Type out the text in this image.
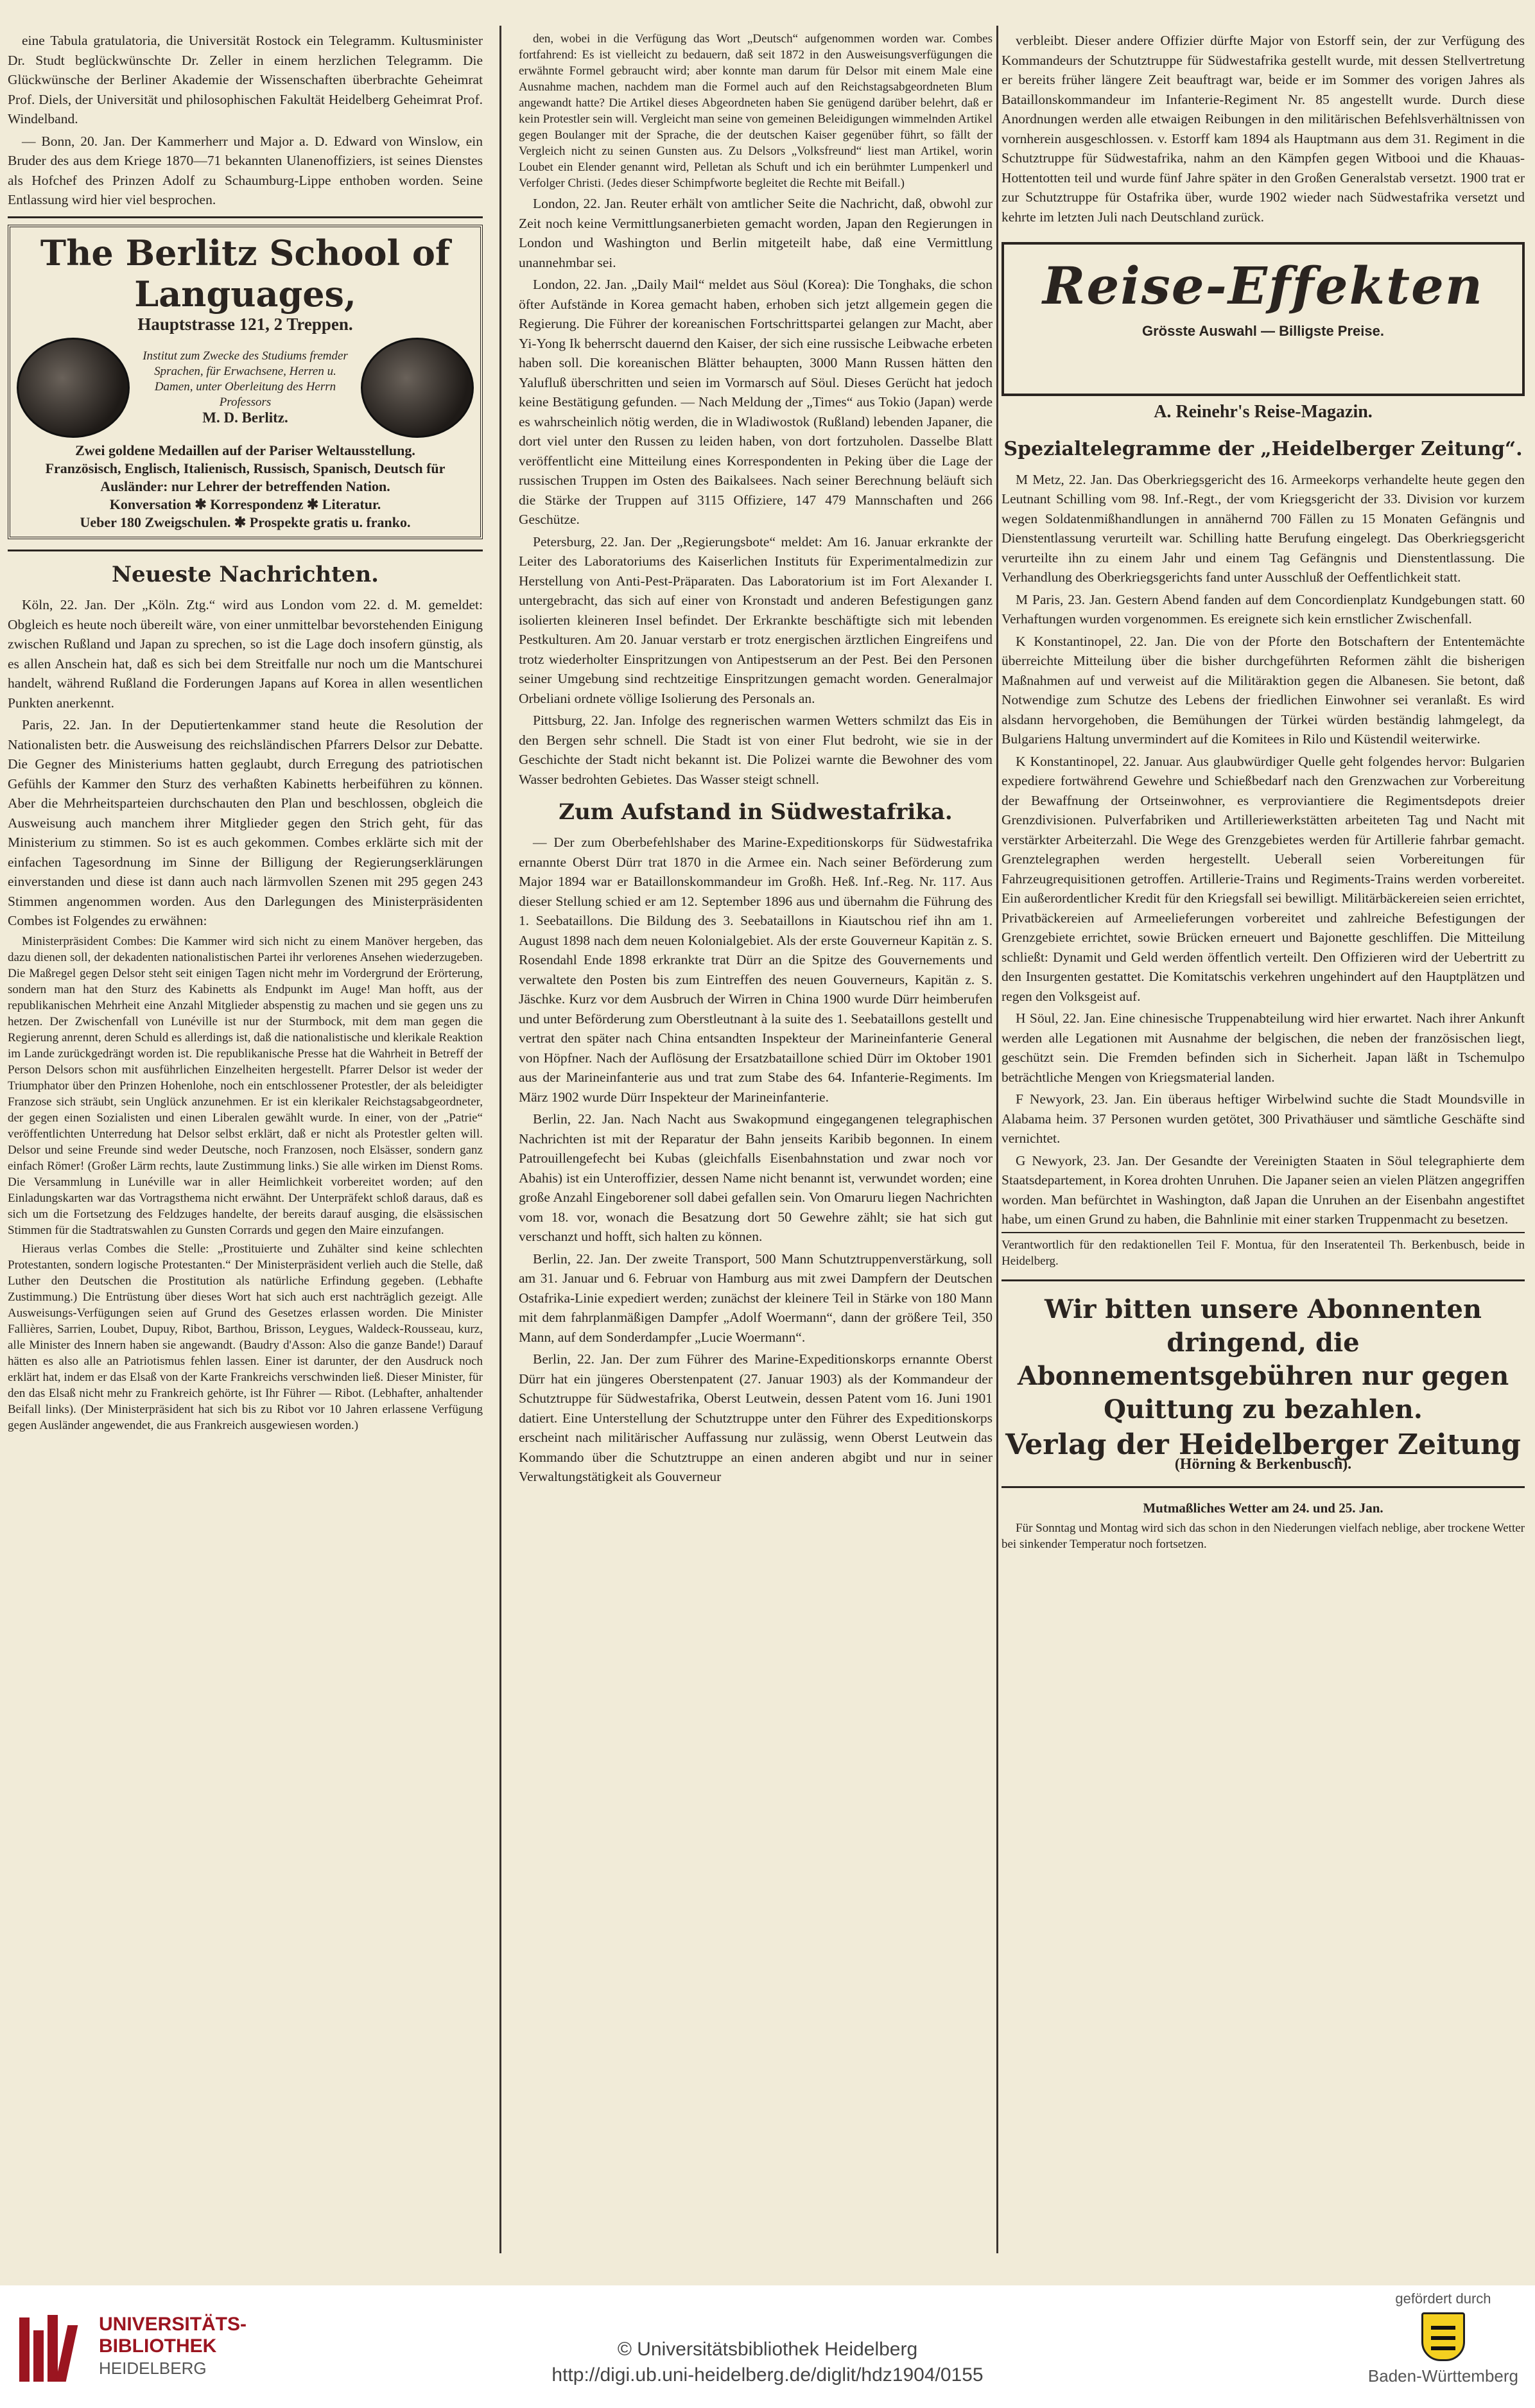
eine Tabula gratulatoria, die Universität Rostock ein Telegramm. Kultusminister Dr. Studt beglückwünschte Dr. Zeller in einem herzlichen Telegramm. Die Glückwünsche der Berliner Akademie der Wissenschaften überbrachte Geheimrat Prof. Diels, der Universität und philosophischen Fakultät Heidelberg Geheimrat Prof. Windelband.

— Bonn, 20. Jan. Der Kammerherr und Major a. D. Edward von Winslow, ein Bruder des aus dem Kriege 1870—71 bekannten Ulanenoffiziers, ist seines Dienstes als Hofchef des Prinzen Adolf zu Schaumburg-Lippe enthoben worden. Seine Entlassung wird hier viel besprochen.

The Berlitz School of Languages,
Hauptstrasse 121, 2 Treppen.
Institut zum Zwecke des Studiums fremder Sprachen, für Erwachsene, Herren u. Damen, unter Oberleitung des Herrn Professors
M. D. Berlitz.
Zwei goldene Medaillen auf der Pariser Weltausstellung.
Französisch, Englisch, Italienisch, Russisch, Spanisch, Deutsch für Ausländer: nur Lehrer der betreffenden Nation.
Konversation ✱ Korrespondenz ✱ Literatur.
Ueber 180 Zweigschulen. ✱ Prospekte gratis u. franko.
Neueste Nachrichten.

Köln, 22. Jan. Der „Köln. Ztg.“ wird aus London vom 22. d. M. gemeldet: Obgleich es heute noch übereilt wäre, von einer unmittelbar bevorstehenden Einigung zwischen Rußland und Japan zu sprechen, so ist die Lage doch insofern günstig, als es allen Anschein hat, daß es sich bei dem Streitfalle nur noch um die Mantschurei handelt, während Rußland die Forderungen Japans auf Korea in allen wesentlichen Punkten anerkennt.

Paris, 22. Jan. In der Deputiertenkammer stand heute die Resolution der Nationalisten betr. die Ausweisung des reichsländischen Pfarrers Delsor zur Debatte. Die Gegner des Ministeriums hatten geglaubt, durch Erregung des patriotischen Gefühls der Kammer den Sturz des verhaßten Kabinetts herbeiführen zu können. Aber die Mehrheitsparteien durchschauten den Plan und beschlossen, obgleich die Ausweisung auch manchem ihrer Mitglieder gegen den Strich geht, für das Ministerium zu stimmen. So ist es auch gekommen. Combes erklärte sich mit der einfachen Tagesordnung im Sinne der Billigung der Regierungserklärungen einverstanden und diese ist dann auch nach lärmvollen Szenen mit 295 gegen 243 Stimmen angenommen worden. Aus den Darlegungen des Ministerpräsidenten Combes ist Folgendes zu erwähnen:

Ministerpräsident Combes: Die Kammer wird sich nicht zu einem Manöver hergeben, das dazu dienen soll, der dekadenten nationalistischen Partei ihr verlorenes Ansehen wiederzugeben. Die Maßregel gegen Delsor steht seit einigen Tagen nicht mehr im Vordergrund der Erörterung, sondern man hat den Sturz des Kabinetts als Endpunkt im Auge! Man hofft, aus der republikanischen Mehrheit eine Anzahl Mitglieder abspenstig zu machen und sie gegen uns zu hetzen. Der Zwischenfall von Lunéville ist nur der Sturmbock, mit dem man gegen die Regierung anrennt, deren Schuld es allerdings ist, daß die nationalistische und klerikale Reaktion im Lande zurückgedrängt worden ist. Die republikanische Presse hat die Wahrheit in Betreff der Person Delsors schon mit ausführlichen Einzelheiten hergestellt. Pfarrer Delsor ist weder der Triumphator über den Prinzen Hohenlohe, noch ein entschlossener Protestler, der als beleidigter Franzose sich sträubt, sein Unglück anzunehmen. Er ist ein klerikaler Reichstagsabgeordneter, der gegen einen Sozialisten und einen Liberalen gewählt wurde. In einer, von der „Patrie“ veröffentlichten Unterredung hat Delsor selbst erklärt, daß er nicht als Protestler gelten will. Delsor und seine Freunde sind weder Deutsche, noch Franzosen, noch Elsässer, sondern ganz einfach Römer! (Großer Lärm rechts, laute Zustimmung links.) Sie alle wirken im Dienst Roms. Die Versammlung in Lunéville war in aller Heimlichkeit vorbereitet worden; auf den Einladungskarten war das Vortragsthema nicht erwähnt. Der Unterpräfekt schloß daraus, daß es sich um die Fortsetzung des Feldzuges handelte, der bereits darauf ausging, die elsässischen Stimmen für die Stadtratswahlen zu Gunsten Corrards und gegen den Maire einzufangen.

Hieraus verlas Combes die Stelle: „Prostituierte und Zuhälter sind keine schlechten Protestanten, sondern logische Protestanten.“ Der Ministerpräsident verlieh auch die Stelle, daß Luther den Deutschen die Prostitution als natürliche Erfindung gegeben. (Lebhafte Zustimmung.) Die Entrüstung über dieses Wort hat sich auch erst nachträglich gezeigt. Alle Ausweisungs-Verfügungen seien auf Grund des Gesetzes erlassen worden. Die Minister Fallières, Sarrien, Loubet, Dupuy, Ribot, Barthou, Brisson, Leygues, Waldeck-Rousseau, kurz, alle Minister des Innern haben sie angewandt. (Baudry d'Asson: Also die ganze Bande!) Darauf hätten es also alle an Patriotismus fehlen lassen. Einer ist darunter, der den Ausdruck noch erklärt hat, indem er das Elsaß von der Karte Frankreichs verschwinden ließ. Dieser Minister, für den das Elsaß nicht mehr zu Frankreich gehörte, ist Ihr Führer — Ribot. (Lebhafter, anhaltender Beifall links). (Der Ministerpräsident hat sich bis zu Ribot vor 10 Jahren erlassene Verfügung gegen Ausländer angewendet, die aus Frankreich ausgewiesen worden.)

den, wobei in die Verfügung das Wort „Deutsch“ aufgenommen worden war. Combes fortfahrend: Es ist vielleicht zu bedauern, daß seit 1872 in den Ausweisungsverfügungen die erwähnte Formel gebraucht wird; aber konnte man darum für Delsor mit einem Male eine Ausnahme machen, nachdem man die Formel auch auf den Reichstagsabgeordneten Blum angewandt hatte? Die Artikel dieses Abgeordneten haben Sie genügend darüber belehrt, daß er kein Protestler sein will. Vergleicht man seine von gemeinen Beleidigungen wimmelnden Artikel gegen Boulanger mit der Sprache, die der deutschen Kaiser gegenüber führt, so fällt der Vergleich nicht zu seinen Gunsten aus. Zu Delsors „Volksfreund“ liest man Artikel, worin Loubet ein Elender genannt wird, Pelletan als Schuft und ich ein berühmter Lumpenkerl und Verfolger Christi. (Jedes dieser Schimpfworte begleitet die Rechte mit Beifall.)

London, 22. Jan. Reuter erhält von amtlicher Seite die Nachricht, daß, obwohl zur Zeit noch keine Vermittlungsanerbieten gemacht worden, Japan den Regierungen in London und Washington und Berlin mitgeteilt habe, daß eine Vermittlung unannehmbar sei.

London, 22. Jan. „Daily Mail“ meldet aus Söul (Korea): Die Tonghaks, die schon öfter Aufstände in Korea gemacht haben, erhoben sich jetzt allgemein gegen die Regierung. Die Führer der koreanischen Fortschrittspartei gelangen zur Macht, aber Yi-Yong Ik beherrscht dauernd den Kaiser, der sich eine russische Leibwache erbeten haben soll. Die koreanischen Blätter behaupten, 3000 Mann Russen hätten den Yalufluß überschritten und seien im Vormarsch auf Söul. Dieses Gerücht hat jedoch keine Bestätigung gefunden. — Nach Meldung der „Times“ aus Tokio (Japan) werde es wahrscheinlich nötig werden, die in Wladiwostok (Rußland) lebenden Japaner, die dort viel unter den Russen zu leiden haben, von dort fortzuholen. Dasselbe Blatt veröffentlicht eine Mitteilung eines Korrespondenten in Peking über die Lage der russischen Truppen im Osten des Baikalsees. Nach seiner Berechnung beläuft sich die Stärke der Truppen auf 3115 Offiziere, 147 479 Mannschaften und 266 Geschütze.

Petersburg, 22. Jan. Der „Regierungsbote“ meldet: Am 16. Januar erkrankte der Leiter des Laboratoriums des Kaiserlichen Instituts für Experimentalmedizin zur Herstellung von Anti-Pest-Präparaten. Das Laboratorium ist im Fort Alexander I. untergebracht, das sich auf einer von Kronstadt und anderen Befestigungen ganz isolierten kleineren Insel befindet. Der Erkrankte beschäftigte sich mit lebenden Pestkulturen. Am 20. Januar verstarb er trotz energischen ärztlichen Eingreifens und trotz wiederholter Einspritzungen von Antipestserum an der Pest. Bei den Personen seiner Umgebung sind rechtzeitige Einspritzungen gemacht worden. Generalmajor Orbeliani ordnete völlige Isolierung des Personals an.

Pittsburg, 22. Jan. Infolge des regnerischen warmen Wetters schmilzt das Eis in den Bergen sehr schnell. Die Stadt ist von einer Flut bedroht, wie sie in der Geschichte der Stadt nicht bekannt ist. Die Polizei warnte die Bewohner des vom Wasser bedrohten Gebietes. Das Wasser steigt schnell.

Zum Aufstand in Südwestafrika.

— Der zum Oberbefehlshaber des Marine-Expeditionskorps für Südwestafrika ernannte Oberst Dürr trat 1870 in die Armee ein. Nach seiner Beförderung zum Major 1894 war er Bataillonskommandeur im Großh. Heß. Inf.-Reg. Nr. 117. Aus dieser Stellung schied er am 12. September 1896 aus und übernahm die Führung des 1. Seebataillons. Die Bildung des 3. Seebataillons in Kiautschou rief ihn am 1. August 1898 nach dem neuen Kolonialgebiet. Als der erste Gouverneur Kapitän z. S. Rosendahl Ende 1898 erkrankte trat Dürr an die Spitze des Gouvernements und verwaltete den Posten bis zum Eintreffen des neuen Gouverneurs, Kapitän z. S. Jäschke. Kurz vor dem Ausbruch der Wirren in China 1900 wurde Dürr heimberufen und unter Beförderung zum Oberstleutnant à la suite des 1. Seebataillons gestellt und vertrat den später nach China entsandten Inspekteur der Marineinfanterie General von Höpfner. Nach der Auflösung der Ersatzbataillone schied Dürr im Oktober 1901 aus der Marineinfanterie aus und trat zum Stabe des 64. Infanterie-Regiments. Im März 1902 wurde Dürr Inspekteur der Marineinfanterie.

Berlin, 22. Jan. Nach Nacht aus Swakopmund eingegangenen telegraphischen Nachrichten ist mit der Reparatur der Bahn jenseits Karibib begonnen. In einem Patrouillengefecht bei Kubas (gleichfalls Eisenbahnstation und zwar noch vor Abahis) ist ein Unteroffizier, dessen Name nicht benannt ist, verwundet worden; eine große Anzahl Eingeborener soll dabei gefallen sein. Von Omaruru liegen Nachrichten vom 18. vor, wonach die Besatzung dort 50 Gewehre zählt; sie hat sich gut verschanzt und hofft, sich halten zu können.

Berlin, 22. Jan. Der zweite Transport, 500 Mann Schutztruppenverstärkung, soll am 31. Januar und 6. Februar von Hamburg aus mit zwei Dampfern der Deutschen Ostafrika-Linie expediert werden; zunächst der kleinere Teil in Stärke von 180 Mann mit dem fahrplanmäßigen Dampfer „Adolf Woermann“, dann der größere Teil, 350 Mann, auf dem Sonderdampfer „Lucie Woermann“.

Berlin, 22. Jan. Der zum Führer des Marine-Expeditionskorps ernannte Oberst Dürr hat ein jüngeres Oberstenpatent (27. Januar 1903) als der Kommandeur der Schutztruppe für Südwestafrika, Oberst Leutwein, dessen Patent vom 16. Juni 1901 datiert. Eine Unterstellung der Schutztruppe unter den Führer des Expeditionskorps erscheint nach militärischer Auffassung nur zulässig, wenn Oberst Leutwein das Kommando über die Schutztruppe an einen anderen abgibt und nur in seiner Verwaltungstätigkeit als Gouverneur

verbleibt. Dieser andere Offizier dürfte Major von Estorff sein, der zur Verfügung des Kommandeurs der Schutztruppe für Südwestafrika gestellt wurde, mit dessen Stellvertretung er bereits früher längere Zeit beauftragt war, beide er im Sommer des vorigen Jahres als Bataillonskommandeur im Infanterie-Regiment Nr. 85 angestellt wurde. Durch diese Anordnungen werden alle etwaigen Reibungen in den militärischen Befehlsverhältnissen von vornherein ausgeschlossen. v. Estorff kam 1894 als Hauptmann aus dem 31. Regiment in die Schutztruppe für Südwestafrika, nahm an den Kämpfen gegen Witbooi und die Khauas-Hottentotten teil und wurde fünf Jahre später in den Großen Generalstab versetzt. 1900 trat er zur Schutztruppe für Ostafrika über, wurde 1902 wieder nach Südwestafrika versetzt und kehrte im letzten Juli nach Deutschland zurück.

Reise-Effekten
Grösste Auswahl — Billigste Preise.
A. Reinehr's Reise-Magazin.
Spezialtelegramme der „Heidelberger Zeitung“.

M Metz, 22. Jan. Das Oberkriegsgericht des 16. Armeekorps verhandelte heute gegen den Leutnant Schilling vom 98. Inf.-Regt., der vom Kriegsgericht der 33. Division vor kurzem wegen Soldatenmißhandlungen in annähernd 700 Fällen zu 15 Monaten Gefängnis und Dienstentlassung verurteilt war. Schilling hatte Berufung eingelegt. Das Oberkriegsgericht verurteilte ihn zu einem Jahr und einem Tag Gefängnis und Dienstentlassung. Die Verhandlung des Oberkriegsgerichts fand unter Ausschluß der Oeffentlichkeit statt.

M Paris, 23. Jan. Gestern Abend fanden auf dem Concordienplatz Kundgebungen statt. 60 Verhaftungen wurden vorgenommen. Es ereignete sich kein ernstlicher Zwischenfall.

K Konstantinopel, 22. Jan. Die von der Pforte den Botschaftern der Ententemächte überreichte Mitteilung über die bisher durchgeführten Reformen zählt die bisherigen Maßnahmen auf und verweist auf die Militäraktion gegen die Albanesen. Sie betont, daß Notwendige zum Schutze des Lebens der friedlichen Einwohner sei veranlaßt. Es wird alsdann hervorgehoben, die Bemühungen der Türkei würden beständig lahmgelegt, da Bulgariens Haltung unvermindert auf die Komitees in Rilo und Küstendil weiterwirke.

K Konstantinopel, 22. Januar. Aus glaubwürdiger Quelle geht folgendes hervor: Bulgarien expediere fortwährend Gewehre und Schießbedarf nach den Grenzwachen zur Vorbereitung der Bewaffnung der Ortseinwohner, es verproviantiere die Regimentsdepots dreier Grenzdivisionen. Pulverfabriken und Artilleriewerkstätten arbeiteten Tag und Nacht mit verstärkter Arbeiterzahl. Die Wege des Grenzgebietes werden für Artillerie fahrbar gemacht. Grenztelegraphen werden hergestellt. Ueberall seien Vorbereitungen für Fahrzeugrequisitionen getroffen. Artillerie-Trains und Regiments-Trains werden vorbereitet. Ein außerordentlicher Kredit für den Kriegsfall sei bewilligt. Militärbäckereien seien errichtet, Privatbäckereien auf Armeelieferungen vorbereitet und zahlreiche Befestigungen der Grenzgebiete errichtet, sowie Brücken erneuert und Bajonette geschliffen. Die Mitteilung schließt: Dynamit und Geld werden öffentlich verteilt. Den Offizieren wird der Uebertritt zu den Insurgenten gestattet. Die Komitatschis verkehren ungehindert auf den Hauptplätzen und regen den Volksgeist auf.

H Söul, 22. Jan. Eine chinesische Truppenabteilung wird hier erwartet. Nach ihrer Ankunft werden alle Legationen mit Ausnahme der belgischen, die neben der französischen liegt, geschützt sein. Die Fremden befinden sich in Sicherheit. Japan läßt in Tschemulpo beträchtliche Mengen von Kriegsmaterial landen.

F Newyork, 23. Jan. Ein überaus heftiger Wirbelwind suchte die Stadt Moundsville in Alabama heim. 37 Personen wurden getötet, 300 Privathäuser und sämtliche Geschäfte sind vernichtet.

G Newyork, 23. Jan. Der Gesandte der Vereinigten Staaten in Söul telegraphierte dem Staatsdepartement, in Korea drohten Unruhen. Die Japaner seien an vielen Plätzen angegriffen worden. Man befürchtet in Washington, daß Japan die Unruhen an der Eisenbahn angestiftet habe, um einen Grund zu haben, die Bahnlinie mit einer starken Truppenmacht zu besetzen.

Verantwortlich für den redaktionellen Teil F. Montua, für den Inseratenteil Th. Berkenbusch, beide in Heidelberg.

Wir bitten unsere Abonnenten dringend, die Abonnementsgebühren nur gegen Quittung zu bezahlen.
Verlag der Heidelberger Zeitung
(Hörning & Berkenbusch).

Mutmaßliches Wetter am 24. und 25. Jan.

Für Sonntag und Montag wird sich das schon in den Niederungen vielfach neblige, aber trockene Wetter bei sinkender Temperatur noch fortsetzen.

UNIVERSITÄTS-
BIBLIOTHEK
HEIDELBERG
© Universitätsbibliothek Heidelberg
http://digi.ub.uni-heidelberg.de/diglit/hdz1904/0155
gefördert durch
Baden-Württemberg
